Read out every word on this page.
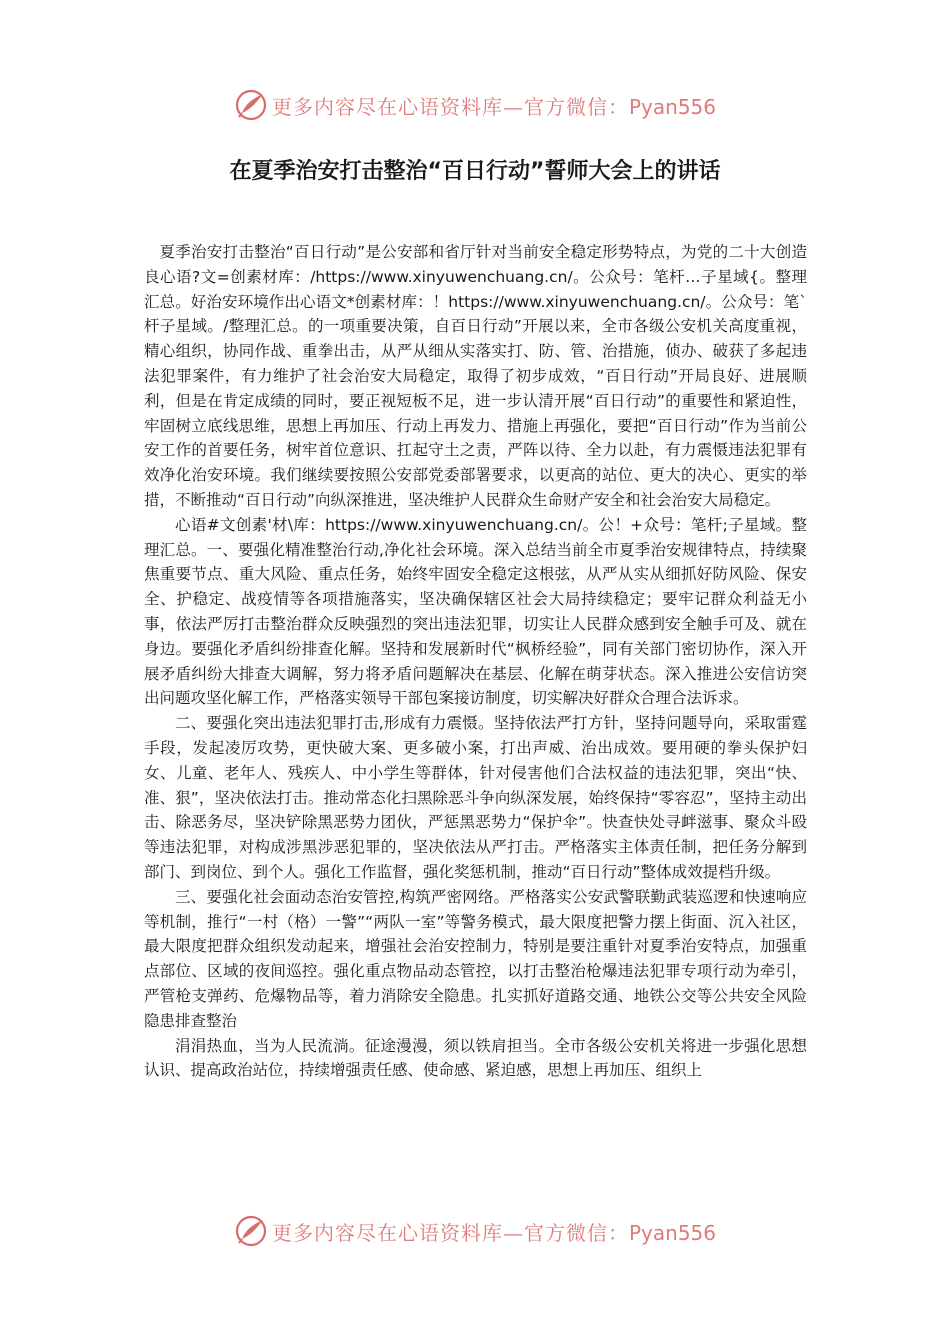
更多内容尽在心语资料库—官方微信：Pyan556
在夏季治安打击整治“百日行动”誓师大会上的讲话

夏季治安打击整治“百日行动”是公安部和省厅针对当前安全稳定形势特点，为党的二十大创造良心语?文=创素材库：/https://www.xinyuwenchuang.cn/。公众号：笔杆…子星域{。整理汇总。好治安环境作出心语文*创素材库：！https://www.xinyuwenchuang.cn/。公众号：笔`杆子星域。/整理汇总。的一项重要决策，自百日行动”开展以来，全市各级公安机关高度重视，精心组织，协同作战、重拳出击，从严从细从实落实打、防、管、治措施，侦办、破获了多起违法犯罪案件，有力维护了社会治安大局稳定，取得了初步成效，“百日行动”开局良好、进展顺利，但是在肯定成绩的同时，要正视短板不足，进一步认清开展“百日行动”的重要性和紧迫性，牢固树立底线思维，思想上再加压、行动上再发力、措施上再强化，要把“百日行动”作为当前公安工作的首要任务，树牢首位意识、扛起守土之责，严阵以待、全力以赴，有力震慑违法犯罪有效净化治安环境。我们继续要按照公安部党委部署要求，以更高的站位、更大的决心、更实的举措，不断推动“百日行动”向纵深推进，坚决维护人民群众生命财产安全和社会治安大局稳定。

心语#文创素'材\库：https://www.xinyuwenchuang.cn/。公！+众号：笔杆;子星域。整理汇总。一、要强化精准整治行动,净化社会环境。深入总结当前全市夏季治安规律特点，持续聚焦重要节点、重大风险、重点任务，始终牢固安全稳定这根弦，从严从实从细抓好防风险、保安全、护稳定、战疫情等各项措施落实，坚决确保辖区社会大局持续稳定；要牢记群众利益无小事，依法严厉打击整治群众反映强烈的突出违法犯罪，切实让人民群众感到安全触手可及、就在身边。要强化矛盾纠纷排查化解。坚持和发展新时代“枫桥经验”，同有关部门密切协作，深入开展矛盾纠纷大排查大调解，努力将矛盾问题解决在基层、化解在萌芽状态。深入推进公安信访突出问题攻坚化解工作，严格落实领导干部包案接访制度，切实解决好群众合理合法诉求。

二、要强化突出违法犯罪打击,形成有力震慑。坚持依法严打方针，坚持问题导向，采取雷霆手段，发起凌厉攻势，更快破大案、更多破小案，打出声威、治出成效。要用硬的拳头保护妇女、儿童、老年人、残疾人、中小学生等群体，针对侵害他们合法权益的违法犯罪，突出“快、准、狠”，坚决依法打击。推动常态化扫黑除恶斗争向纵深发展，始终保持“零容忍”，坚持主动出击、除恶务尽，坚决铲除黑恶势力团伙，严惩黑恶势力“保护伞”。快查快处寻衅滋事、聚众斗殴等违法犯罪，对构成涉黑涉恶犯罪的，坚决依法从严打击。严格落实主体责任制，把任务分解到部门、到岗位、到个人。强化工作监督，强化奖惩机制，推动“百日行动”整体成效提档升级。

三、要强化社会面动态治安管控,构筑严密网络。严格落实公安武警联勤武装巡逻和快速响应等机制，推行“一村（格）一警”“两队一室”等警务模式，最大限度把警力摆上街面、沉入社区，最大限度把群众组织发动起来，增强社会治安控制力，特别是要注重针对夏季治安特点，加强重点部位、区域的夜间巡控。强化重点物品动态管控，以打击整治枪爆违法犯罪专项行动为牵引，严管枪支弹药、危爆物品等，着力消除安全隐患。扎实抓好道路交通、地铁公交等公共安全风险隐患排查整治

涓涓热血，当为人民流淌。征途漫漫，须以铁肩担当。全市各级公安机关将进一步强化思想认识、提高政治站位，持续增强责任感、使命感、紧迫感，思想上再加压、组织上

更多内容尽在心语资料库—官方微信：Pyan556
